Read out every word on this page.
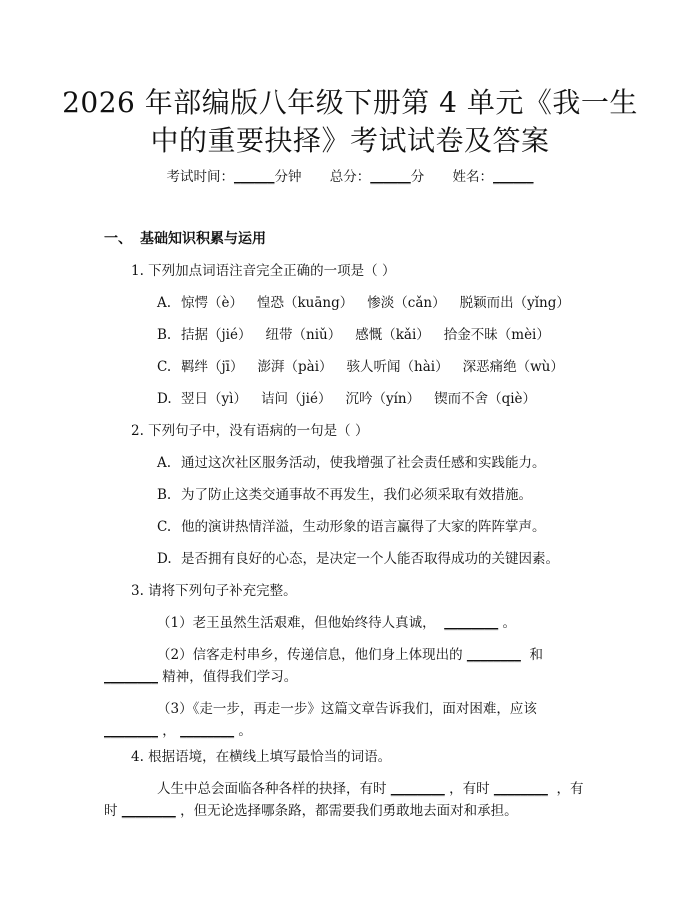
2026 年部编版八年级下册第 4 单元《我一生
中的重要抉择》考试试卷及答案
考试时间：______分钟 总分：______分 姓名：______
一、 基础知识积累与运用
1. 下列加点词语注音完全正确的一项是（ ）
A. 惊愕（è） 惶恐（kuāng） 惨淡（cǎn） 脱颖而出（yǐng）
B. 拮据（jié） 纽带（niǔ） 感慨（kǎi） 拾金不昧（mèi）
C. 羁绊（jī） 澎湃（pài） 骇人听闻（hài） 深恶痛绝（wù）
D. 翌日（yì） 诘问（jié） 沉吟（yín） 锲而不舍（qiè）
2. 下列句子中，没有语病的一句是（ ）
A. 通过这次社区服务活动，使我增强了社会责任感和实践能力。
B. 为了防止这类交通事故不再发生，我们必须采取有效措施。
C. 他的演讲热情洋溢，生动形象的语言赢得了大家的阵阵掌声。
D. 是否拥有良好的心态，是决定一个人能否取得成功的关键因素。
3. 请将下列句子补充完整。
（1）老王虽然生活艰难，但他始终待人真诚， ________ 。
（2）信客走村串乡，传递信息，他们身上体现出的 ________ 和
________ 精神，值得我们学习。
（3）《走一步，再走一步》这篇文章告诉我们，面对困难，应该
________ ， ________ 。
4. 根据语境，在横线上填写最恰当的词语。
人生中总会面临各种各样的抉择，有时 ________ ，有时 ________ ，有
时 ________ ，但无论选择哪条路，都需要我们勇敢地去面对和承担。
